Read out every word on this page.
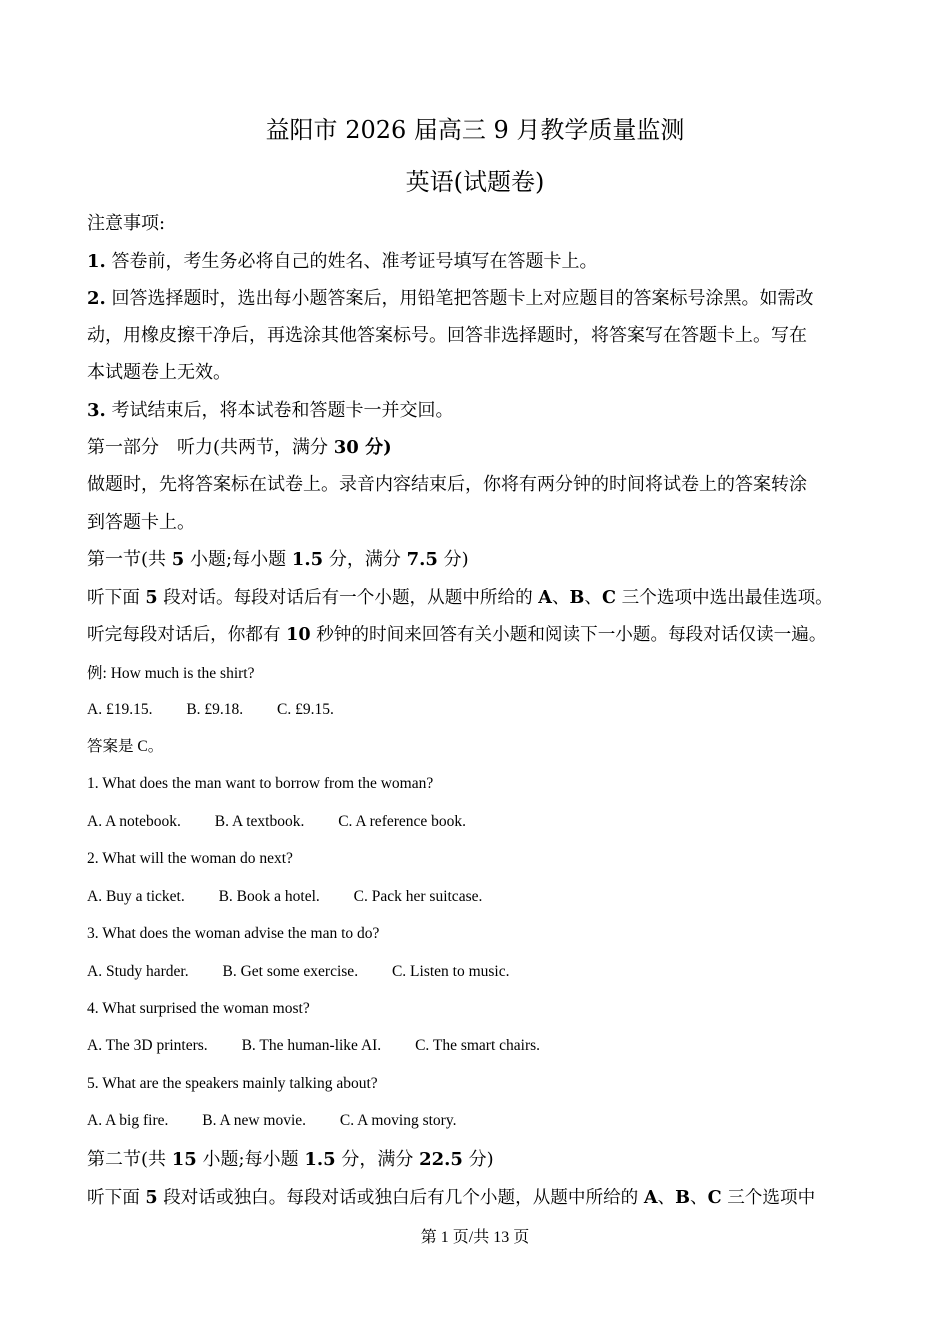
益阳市 2026 届高三 9 月教学质量监测
英语(试题卷)
注意事项:
1. 答卷前，考生务必将自己的姓名、准考证号填写在答题卡上。
2. 回答选择题时，选出每小题答案后，用铅笔把答题卡上对应题目的答案标号涂黑。如需改
动，用橡皮擦干净后，再选涂其他答案标号。回答非选择题时，将答案写在答题卡上。写在
本试题卷上无效。
3. 考试结束后，将本试卷和答题卡一并交回。
第一部分　听力(共两节，满分 30 分)
做题时，先将答案标在试卷上。录音内容结束后，你将有两分钟的时间将试卷上的答案转涂
到答题卡上。
第一节(共 5 小题;每小题 1.5 分，满分 7.5 分)
听下面 5 段对话。每段对话后有一个小题，从题中所给的 A、B、C 三个选项中选出最佳选项。
听完每段对话后，你都有 10 秒钟的时间来回答有关小题和阅读下一小题。每段对话仅读一遍。
例: How much is the shirt?
A. £19.15. B. £9.18. C. £9.15.
答案是 C。
1. What does the man want to borrow from the woman?
A. A notebook. B. A textbook. C. A reference book.
2. What will the woman do next?
A. Buy a ticket. B. Book a hotel. C. Pack her suitcase.
3. What does the woman advise the man to do?
A. Study harder. B. Get some exercise. C. Listen to music.
4. What surprised the woman most?
A. The 3D printers. B. The human-like AI. C. The smart chairs.
5. What are the speakers mainly talking about?
A. A big fire. B. A new movie. C. A moving story.
第二节(共 15 小题;每小题 1.5 分，满分 22.5 分)
听下面 5 段对话或独白。每段对话或独白后有几个小题，从题中所给的 A、B、C 三个选项中
第 1 页/共 13 页
